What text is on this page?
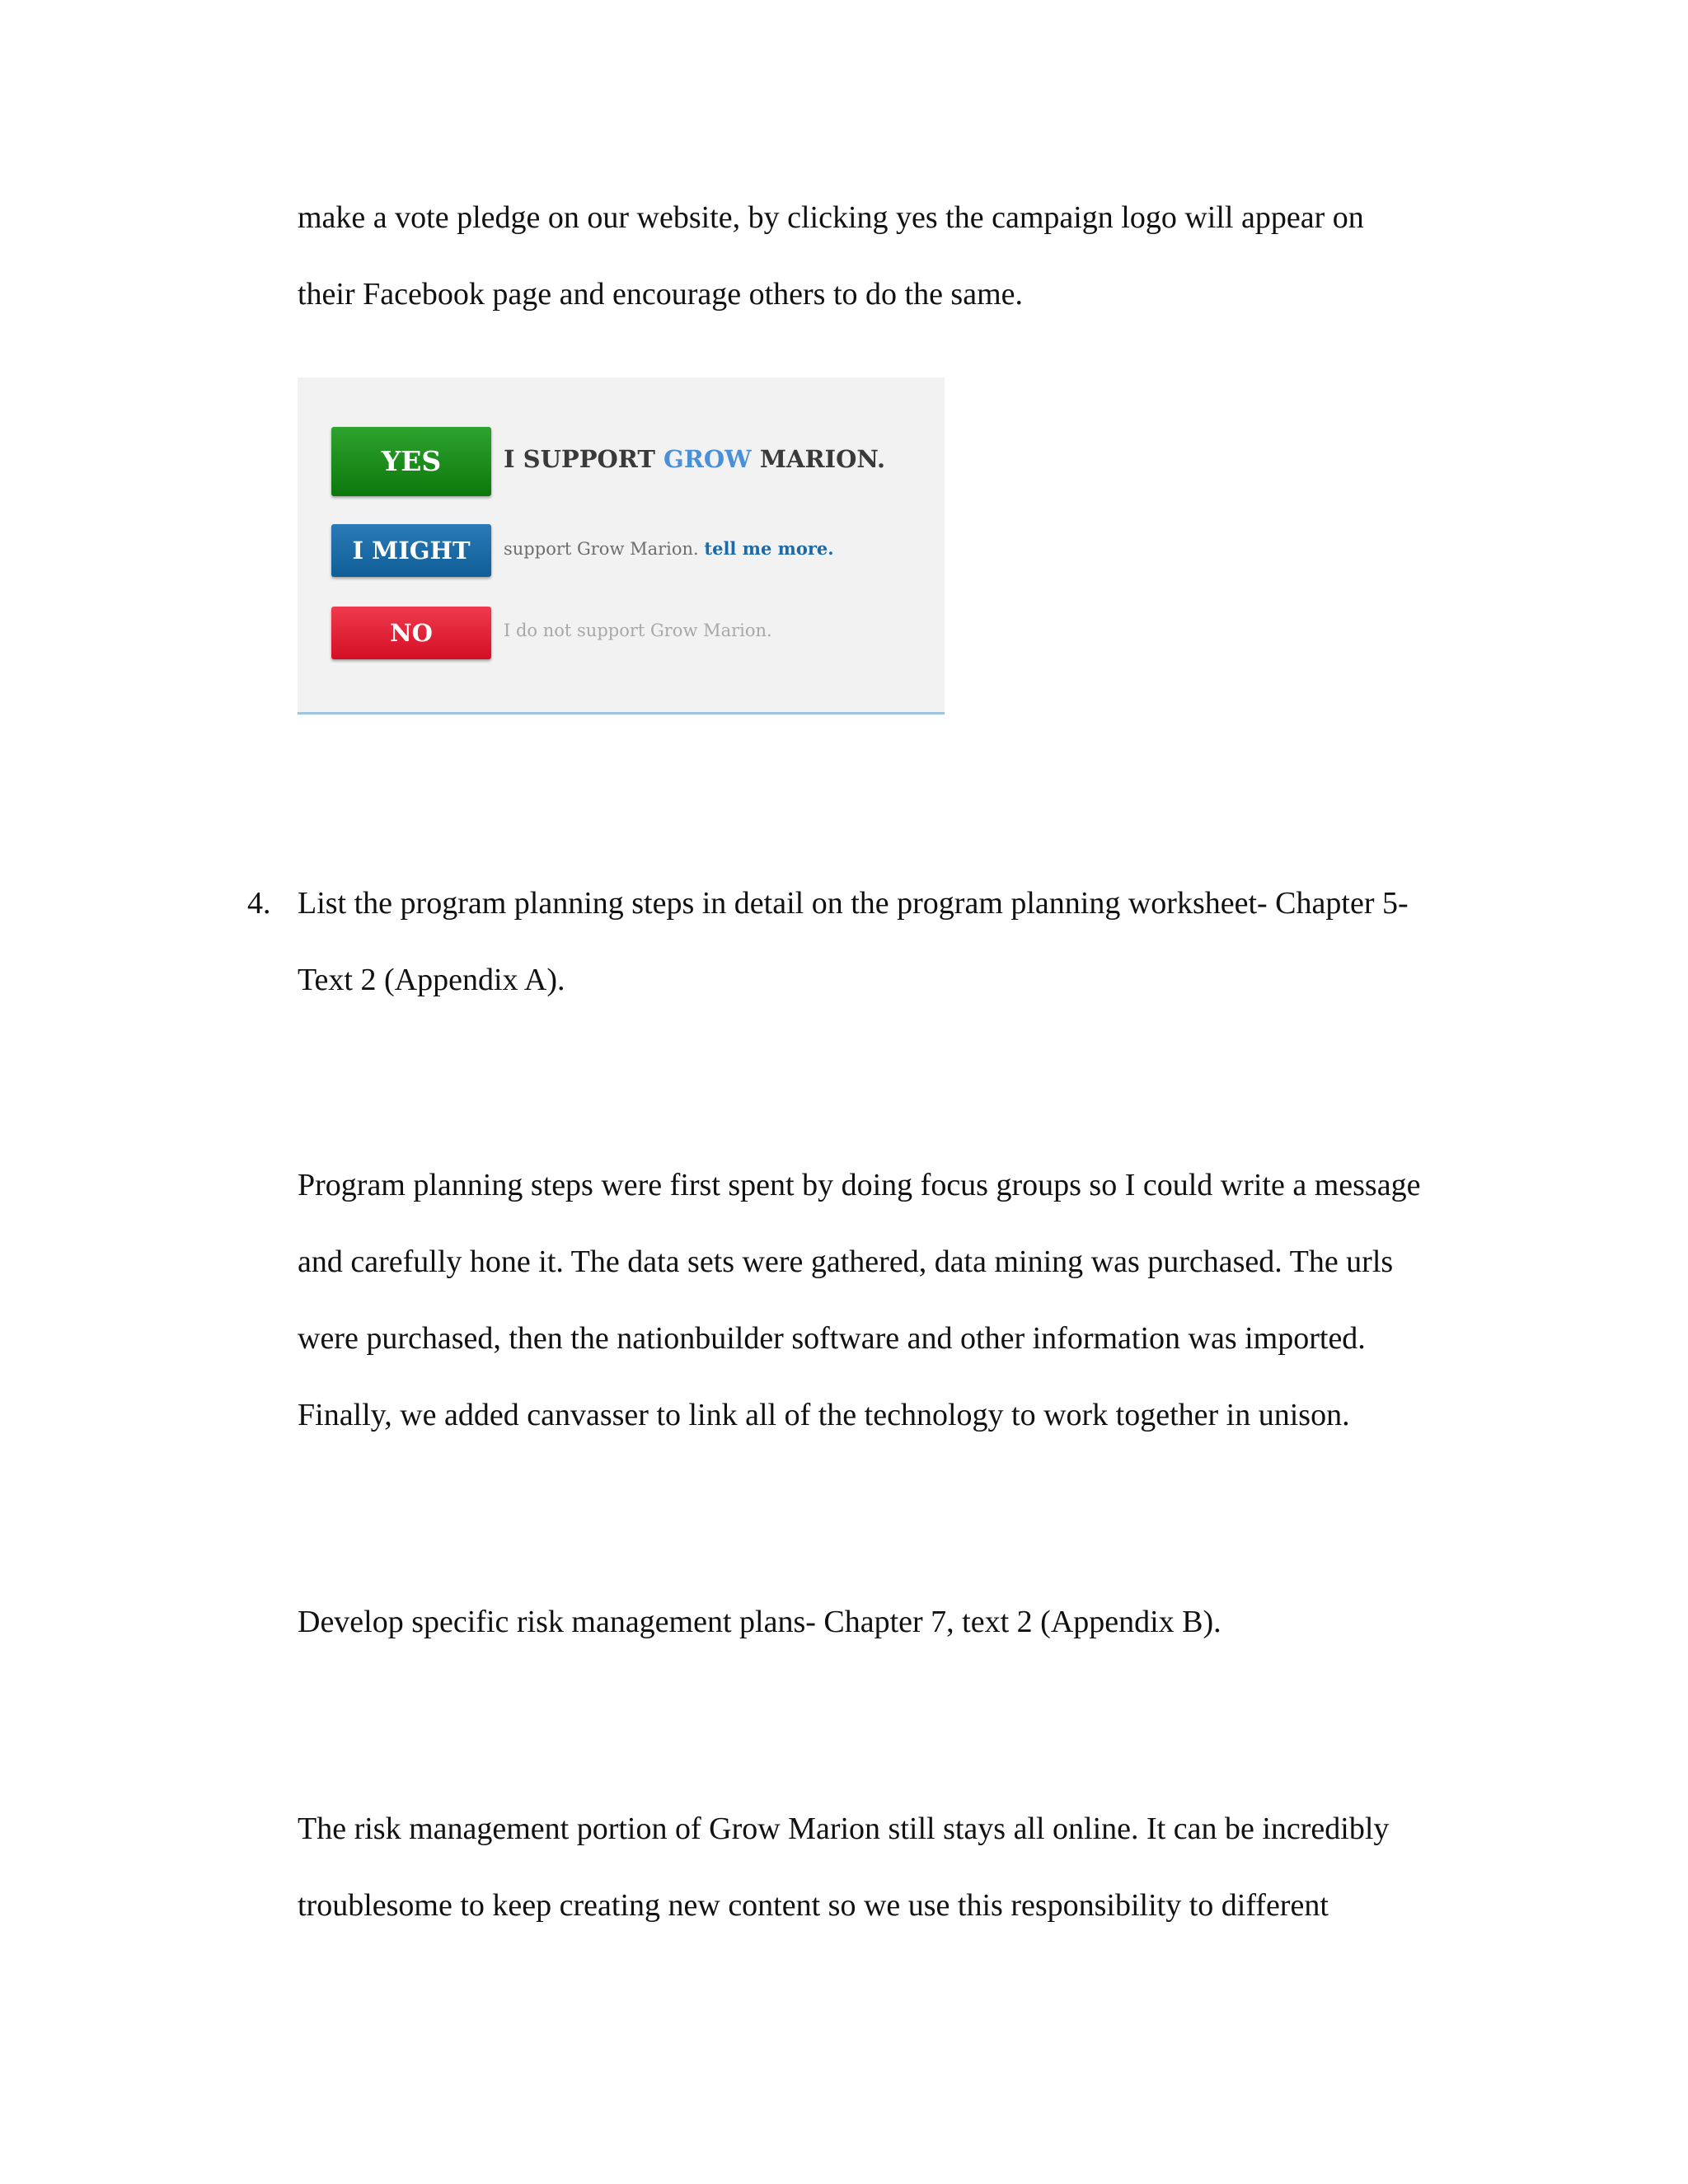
make a vote pledge on our website, by clicking yes the campaign logo will appear on
their Facebook page and encourage others to do the same.

YES	I SUPPORT GROW MARION.
I MIGHT	support Grow Marion. tell me more.
NO	I do not support Grow Marion.
4. List the program planning steps in detail on the program planning worksheet- Chapter 5-
Text 2 (Appendix A).

Program planning steps were first spent by doing focus groups so I could write a message
and carefully hone it. The data sets were gathered, data mining was purchased. The urls
were purchased, then the nationbuilder software and other information was imported.
Finally, we added canvasser to link all of the technology to work together in unison.

Develop specific risk management plans- Chapter 7, text 2 (Appendix B).

The risk management portion of Grow Marion still stays all online. It can be incredibly
troublesome to keep creating new content so we use this responsibility to different
